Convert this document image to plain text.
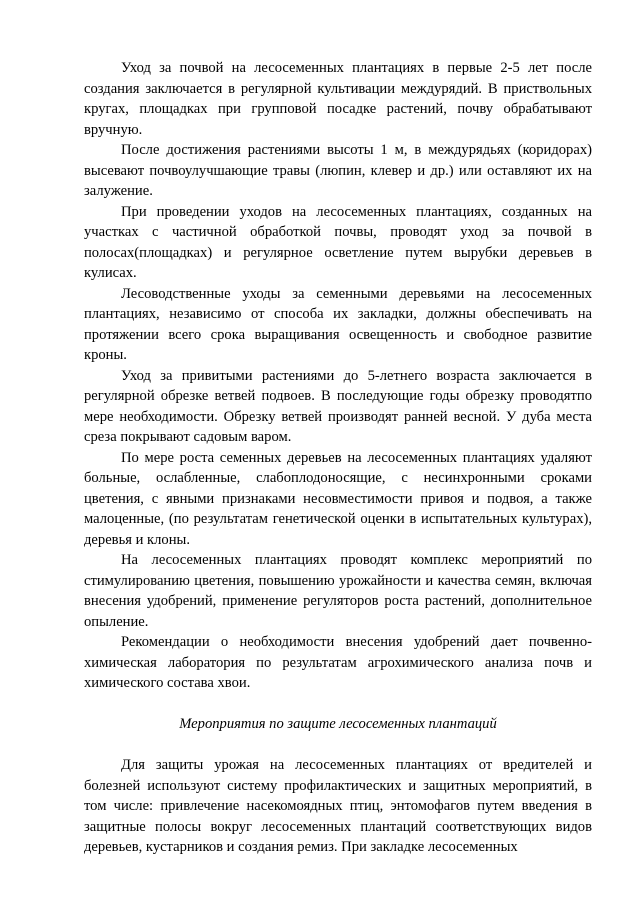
Уход за почвой на лесосеменных плантациях в первые 2-5 лет после создания заключается в регулярной культивации междурядий. В приствольных кругах, площадках при групповой посадке растений, почву обрабатывают вручную.

После достижения растениями высоты 1 м, в междурядьях (коридорах) высевают почвоулучшающие травы (люпин, клевер и др.) или оставляют их на залужение.

При проведении уходов на лесосеменных плантациях, созданных на участках с частичной обработкой почвы, проводят уход за почвой в полосах(площадках) и регулярное осветление путем вырубки деревьев в кулисах.

Лесоводственные уходы за семенными деревьями на лесосеменных плантациях, независимо от способа их закладки, должны обеспечивать на протяжении всего срока выращивания освещенность и свободное развитие кроны.

Уход за привитыми растениями до 5-летнего возраста заключается в регулярной обрезке ветвей подвоев. В последующие годы обрезку проводятпо мере необходимости. Обрезку ветвей производят ранней весной. У дуба места среза покрывают садовым варом.

По мере роста семенных деревьев на лесосеменных плантациях удаляют больные, ослабленные, слабоплодоносящие, с несинхронными сроками цветения, с явными признаками несовместимости привоя и подвоя, а также малоценные, (по результатам генетической оценки в испытательных культурах), деревья и клоны.

На лесосеменных плантациях проводят комплекс мероприятий по стимулированию цветения, повышению урожайности и качества семян, включая внесения удобрений, применение регуляторов роста растений, дополнительное опыление.

Рекомендации о необходимости внесения удобрений дает почвенно-химическая лаборатория по результатам агрохимического анализа почв и химического состава хвои.

Мероприятия по защите лесосеменных плантаций

Для защиты урожая на лесосеменных плантациях от вредителей и болезней используют систему профилактических и защитных мероприятий, в том числе: привлечение насекомоядных птиц, энтомофагов путем введения в защитные полосы вокруг лесосеменных плантаций соответствующих видов деревьев, кустарников и создания ремиз. При закладке лесосеменных
